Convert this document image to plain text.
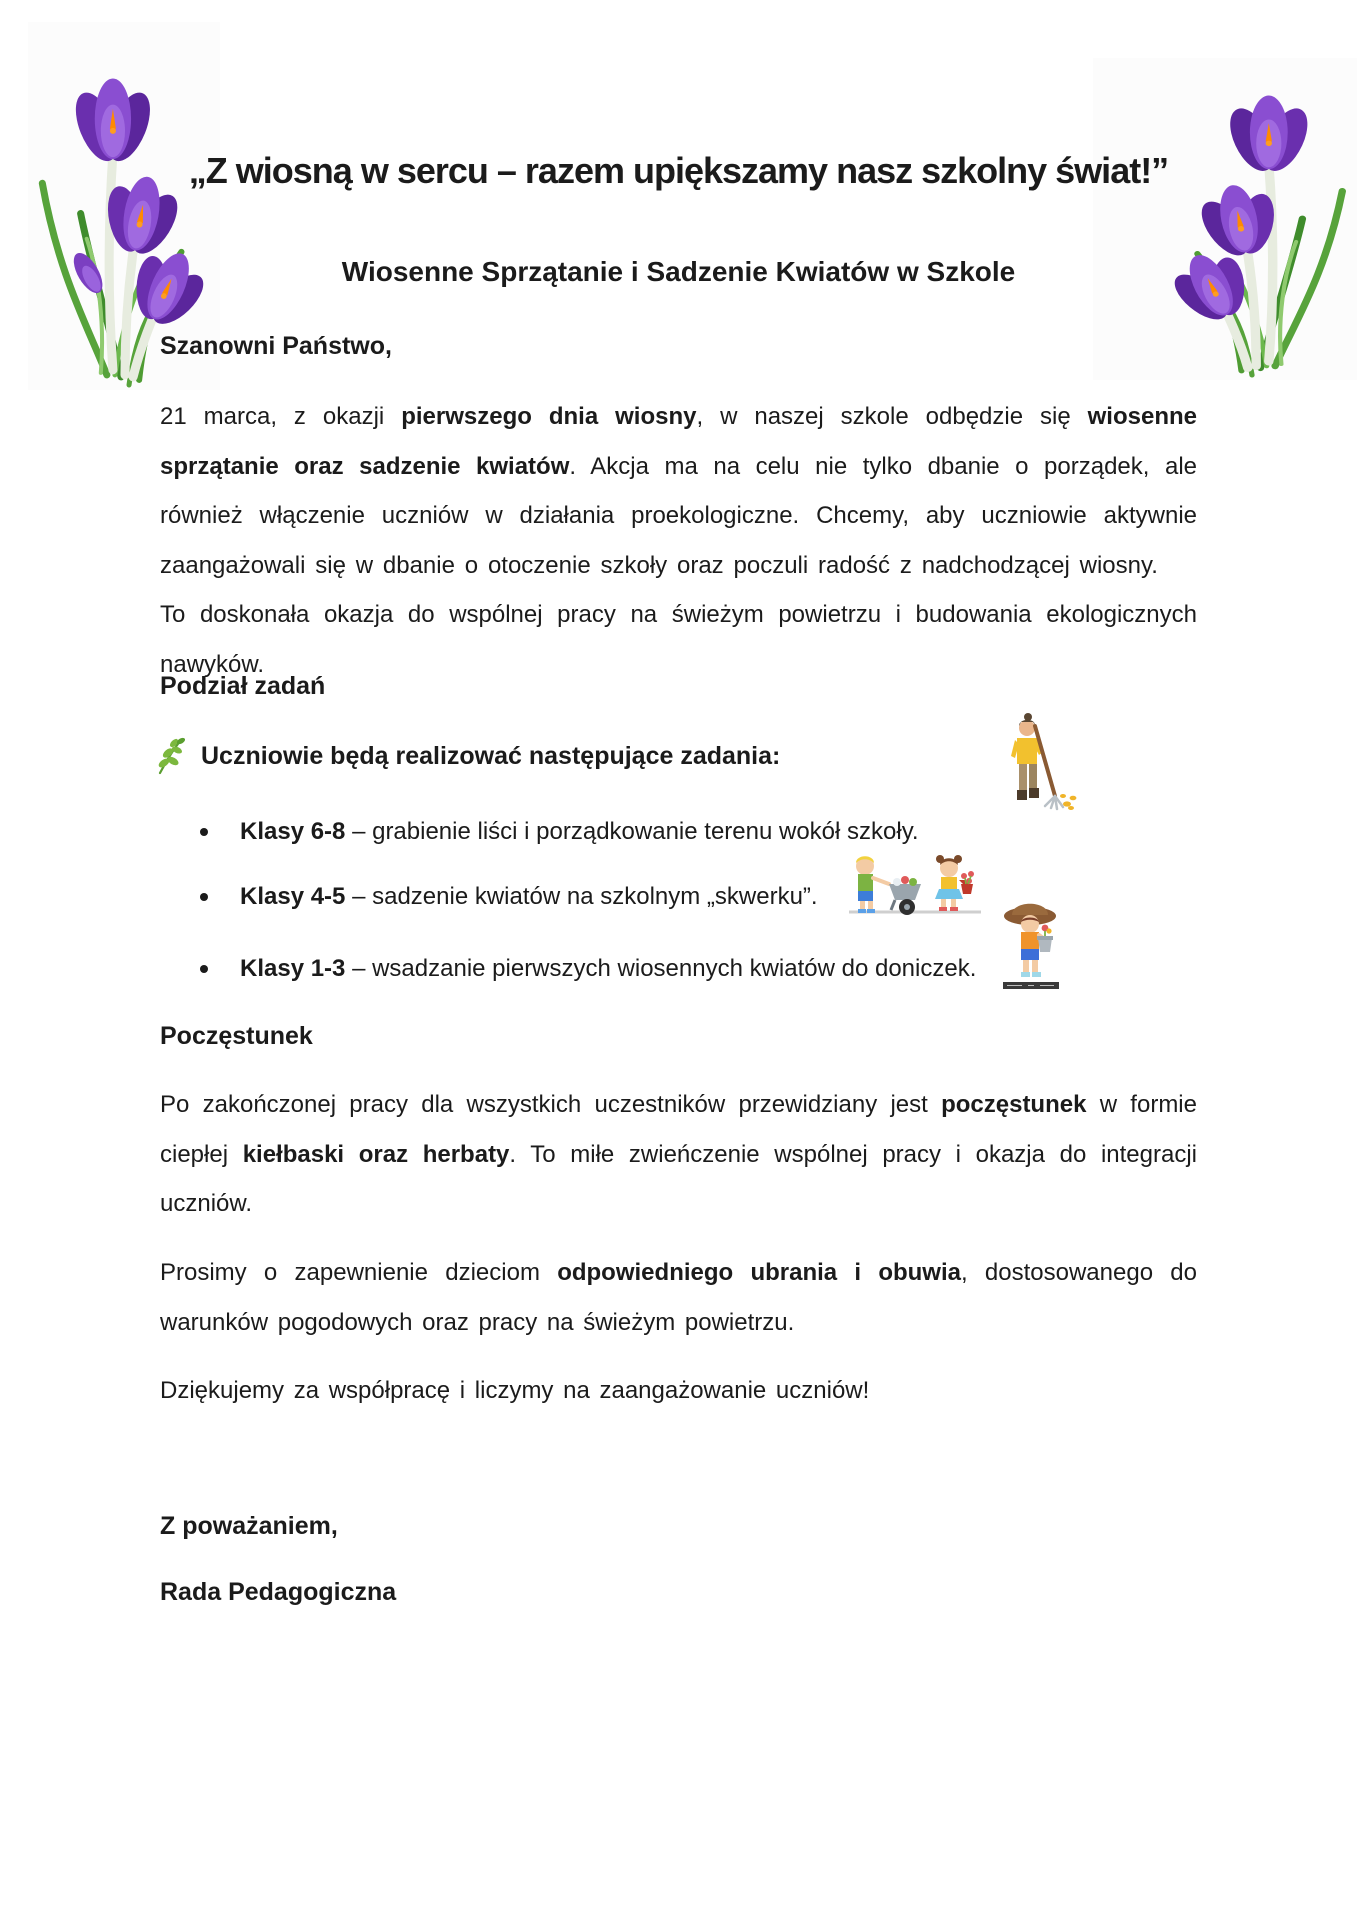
„Z wiosną w sercu – razem upiększamy nasz szkolny świat!”
Wiosenne Sprzątanie i Sadzenie Kwiatów w Szkole
Szanowni Państwo,
21 marca, z okazji pierwszego dnia wiosny, w naszej szkole odbędzie się wiosenne sprzątanie oraz sadzenie kwiatów. Akcja ma na celu nie tylko dbanie o porządek, ale również włączenie uczniów w działania proekologiczne. Chcemy, aby uczniowie aktywnie zaangażowali się w dbanie o otoczenie szkoły oraz poczuli radość z nadchodzącej wiosny.     To doskonała okazja do wspólnej pracy na świeżym powietrzu i budowania ekologicznych nawyków.
Podział zadań
Uczniowie będą realizować następujące zadania:
Klasy 6-8 – grabienie liści i porządkowanie terenu wokół szkoły.
Klasy 4-5 – sadzenie kwiatów na szkolnym „skwerku”.
Klasy 1-3 – wsadzanie pierwszych wiosennych kwiatów do doniczek.
Poczęstunek
Po zakończonej pracy dla wszystkich uczestników przewidziany jest poczęstunek w formie ciepłej kiełbaski oraz herbaty. To miłe zwieńczenie wspólnej pracy i okazja do integracji uczniów.
Prosimy o zapewnienie dzieciom odpowiedniego ubrania i obuwia, dostosowanego do warunków pogodowych oraz pracy na świeżym powietrzu.
Dziękujemy za współpracę i liczymy na zaangażowanie uczniów!
Z poważaniem,
Rada Pedagogiczna
